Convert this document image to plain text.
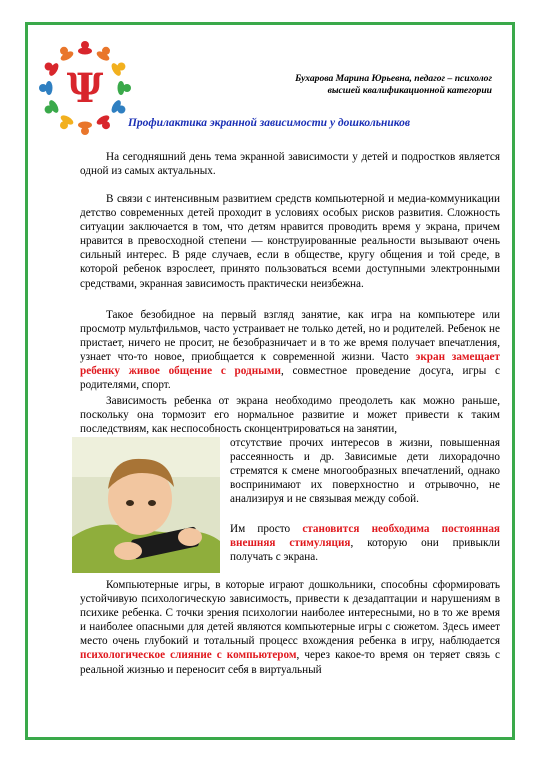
Ψ	Бухарова Марина Юрьевна, педагог – психолог
высшей квалификационной категории
Профилактика экранной зависимости у дошкольников
На сегодняшний день тема экранной зависимости у детей и подростков является одной из самых актуальных.
В связи с интенсивным развитием средств компьютерной и медиа-коммуникации детство современных детей проходит в условиях особых рисков развития. Сложность ситуации заключается в том, что детям нравится проводить время у экрана, причем нравится в превосходной степени — конструированные реальности вызывают очень сильный интерес. В ряде случаев, если в обществе, кругу общения и той среде, в которой ребенок взрослеет, принято пользоваться всеми доступными электронными средствами, экранная зависимость практически неизбежна.
Такое безобидное на первый взгляд занятие, как игра на компьютере или просмотр мультфильмов, часто устраивает не только детей, но и родителей. Ребенок не пристает, ничего не просит, не безобразничает и в то же время получает впечатления, узнает что-то новое, приобщается к современной жизни. Часто экран замещает ребенку живое общение с родными, совместное проведение досуга, игры с родителями, спорт.
Зависимость ребенка от экрана необходимо преодолеть как можно раньше, поскольку она тормозит его нормальное развитие и может привести к таким последствиям, как неспособность сконцентрироваться на занятии,
отсутствие прочих интересов в жизни, повышенная рассеянность и др. Зависимые дети лихорадочно стремятся к смене многообразных впечатлений, однако воспринимают их поверхностно и отрывочно, не анализируя и не связывая между собой.
Им просто становится необходима постоянная внешняя стимуляция, которую они привыкли получать с экрана.
Компьютерные игры, в которые играют дошкольники, способны сформировать устойчивую психологическую зависимость, привести к дезадаптации и нарушениям в психике ребенка. С точки зрения психологии наиболее интересными, но в то же время и наиболее опасными для детей являются компьютерные игры с сюжетом. Здесь имеет место очень глубокий и тотальный процесс вхождения ребенка в игру, наблюдается психологическое слияние с компьютером, через какое-то время он теряет связь с реальной жизнью и переносит себя в виртуальный
